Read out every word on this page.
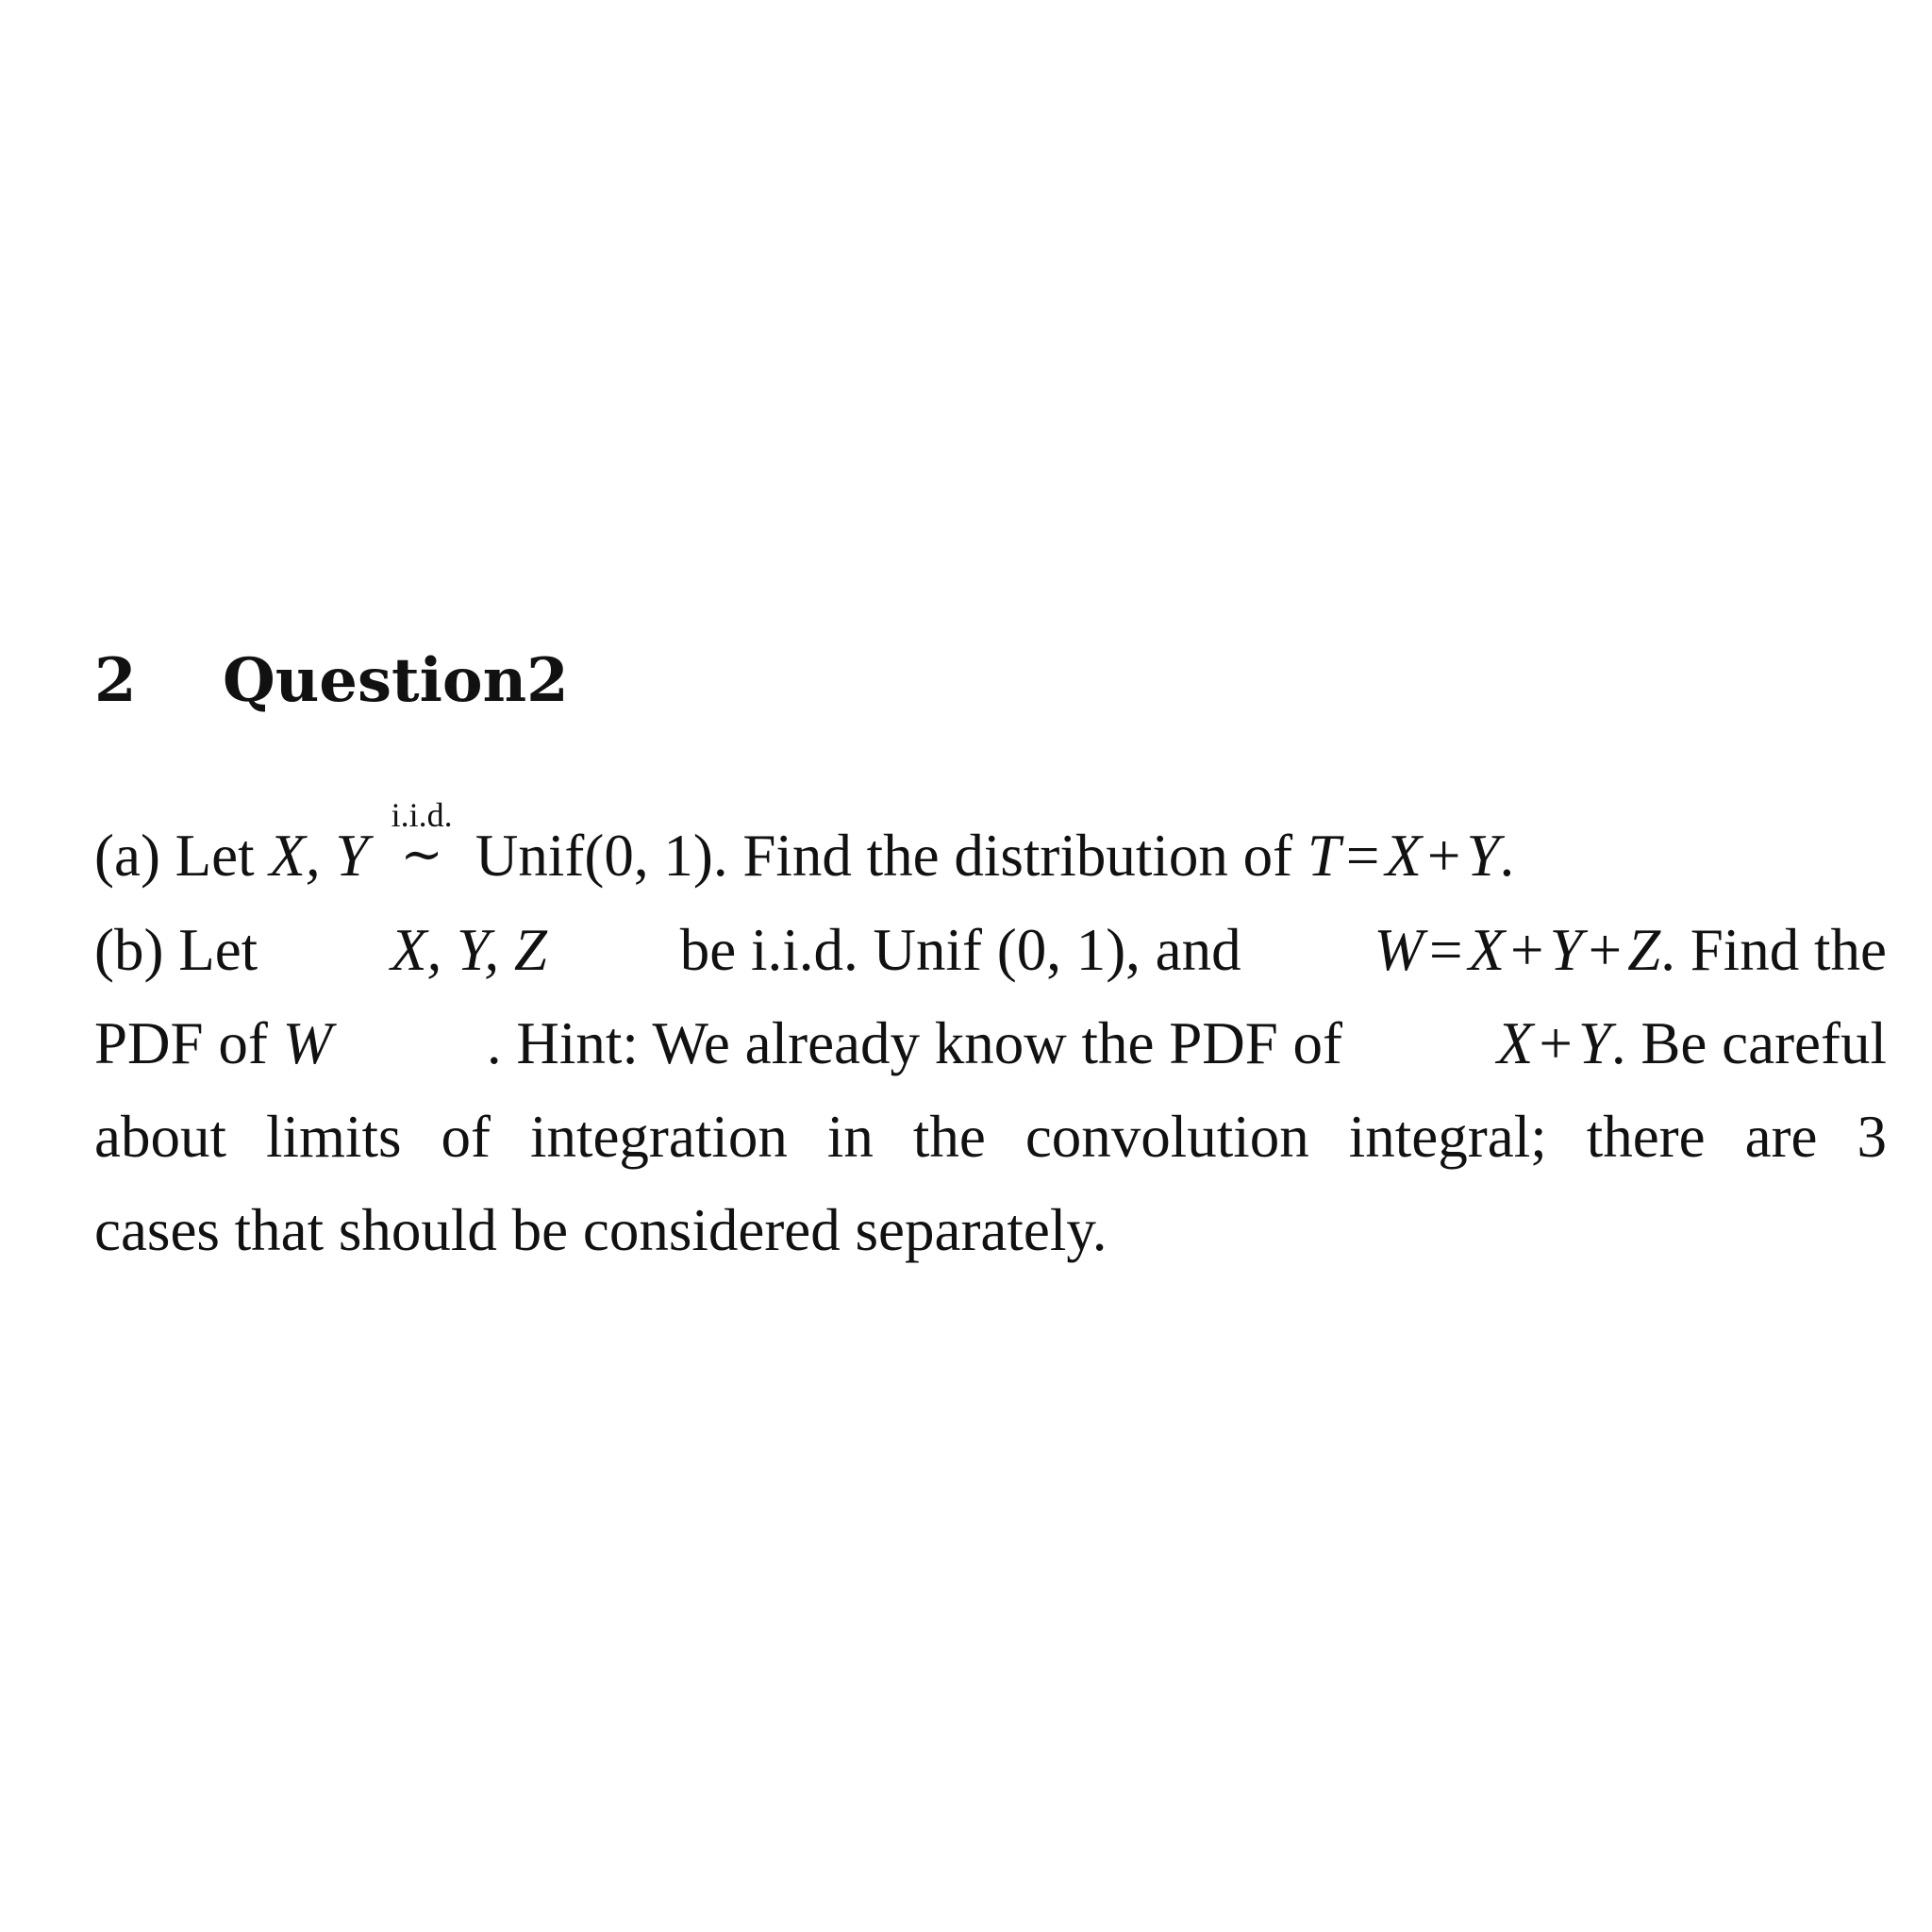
2 Question2
(a) Let X, Y
i.i.d.
∼ Unif(0, 1). Find the distribution of T=X+Y.
(b) Let X, Y, Z be i.i.d. Unif (0, 1), and W=X+Y+Z. Find the
PDF of W	. Hint: We already know the PDF of	X+Y. Be careful
about limits of integration in the convolution integral; there are 3
cases that should be considered separately.
